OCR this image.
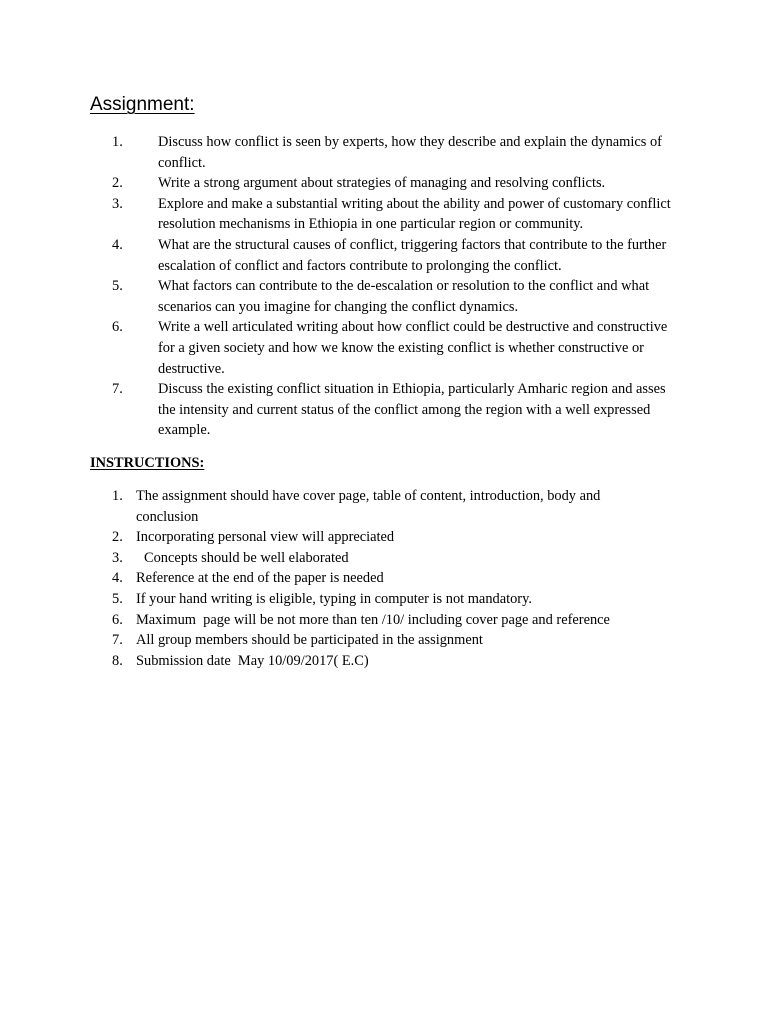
Assignment:
1. Discuss how conflict is seen by experts, how they describe and explain the dynamics of conflict.
2. Write a strong argument about strategies of managing and resolving conflicts.
3. Explore and make a substantial writing about the ability and power of customary conflict resolution mechanisms in Ethiopia in one particular region or community.
4. What are the structural causes of conflict, triggering factors that contribute to the further escalation of conflict and factors contribute to prolonging the conflict.
5. What factors can contribute to the de-escalation or resolution to the conflict and what scenarios can you imagine for changing the conflict dynamics.
6. Write a well articulated writing about how conflict could be destructive and constructive for a given society and how we know the existing conflict is whether constructive or destructive.
7. Discuss the existing conflict situation in Ethiopia, particularly Amharic region and asses the intensity and current status of the conflict among the region with a well expressed example.
INSTRUCTIONS:
1. The assignment should have cover page, table of content, introduction, body and conclusion
2. Incorporating personal view will appreciated
3. Concepts should be well elaborated
4. Reference at the end of the paper is needed
5. If your hand writing is eligible, typing in computer is not mandatory.
6. Maximum  page will be not more than ten /10/ including cover page and reference
7. All group members should be participated in the assignment
8. Submission date  May 10/09/2017( E.C)
